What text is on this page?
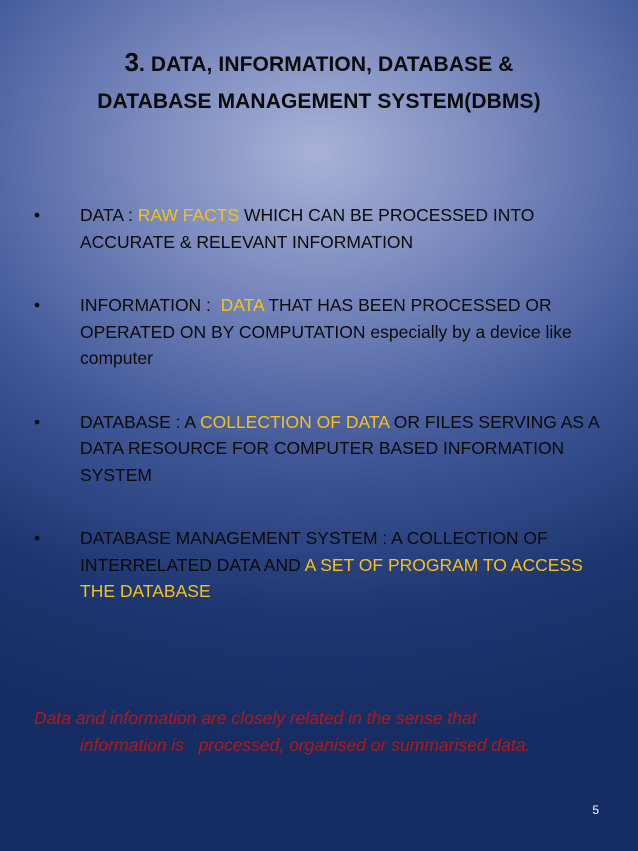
3. DATA, INFORMATION, DATABASE &
DATABASE MANAGEMENT SYSTEM(DBMS)
•	DATA : RAW FACTS WHICH CAN BE PROCESSED INTO ACCURATE & RELEVANT INFORMATION
•	INFORMATION :  DATA THAT HAS BEEN PROCESSED OR OPERATED ON BY COMPUTATION especially by a device like computer
•	DATABASE : A COLLECTION OF DATA OR FILES SERVING AS A DATA RESOURCE FOR COMPUTER BASED INFORMATION SYSTEM
•	DATABASE MANAGEMENT SYSTEM : A COLLECTION OF INTERRELATED DATA AND A SET OF PROGRAM TO ACCESS THE DATABASE
Data and information are closely related in the sense that
information is   processed, organised or summarised data.
5
